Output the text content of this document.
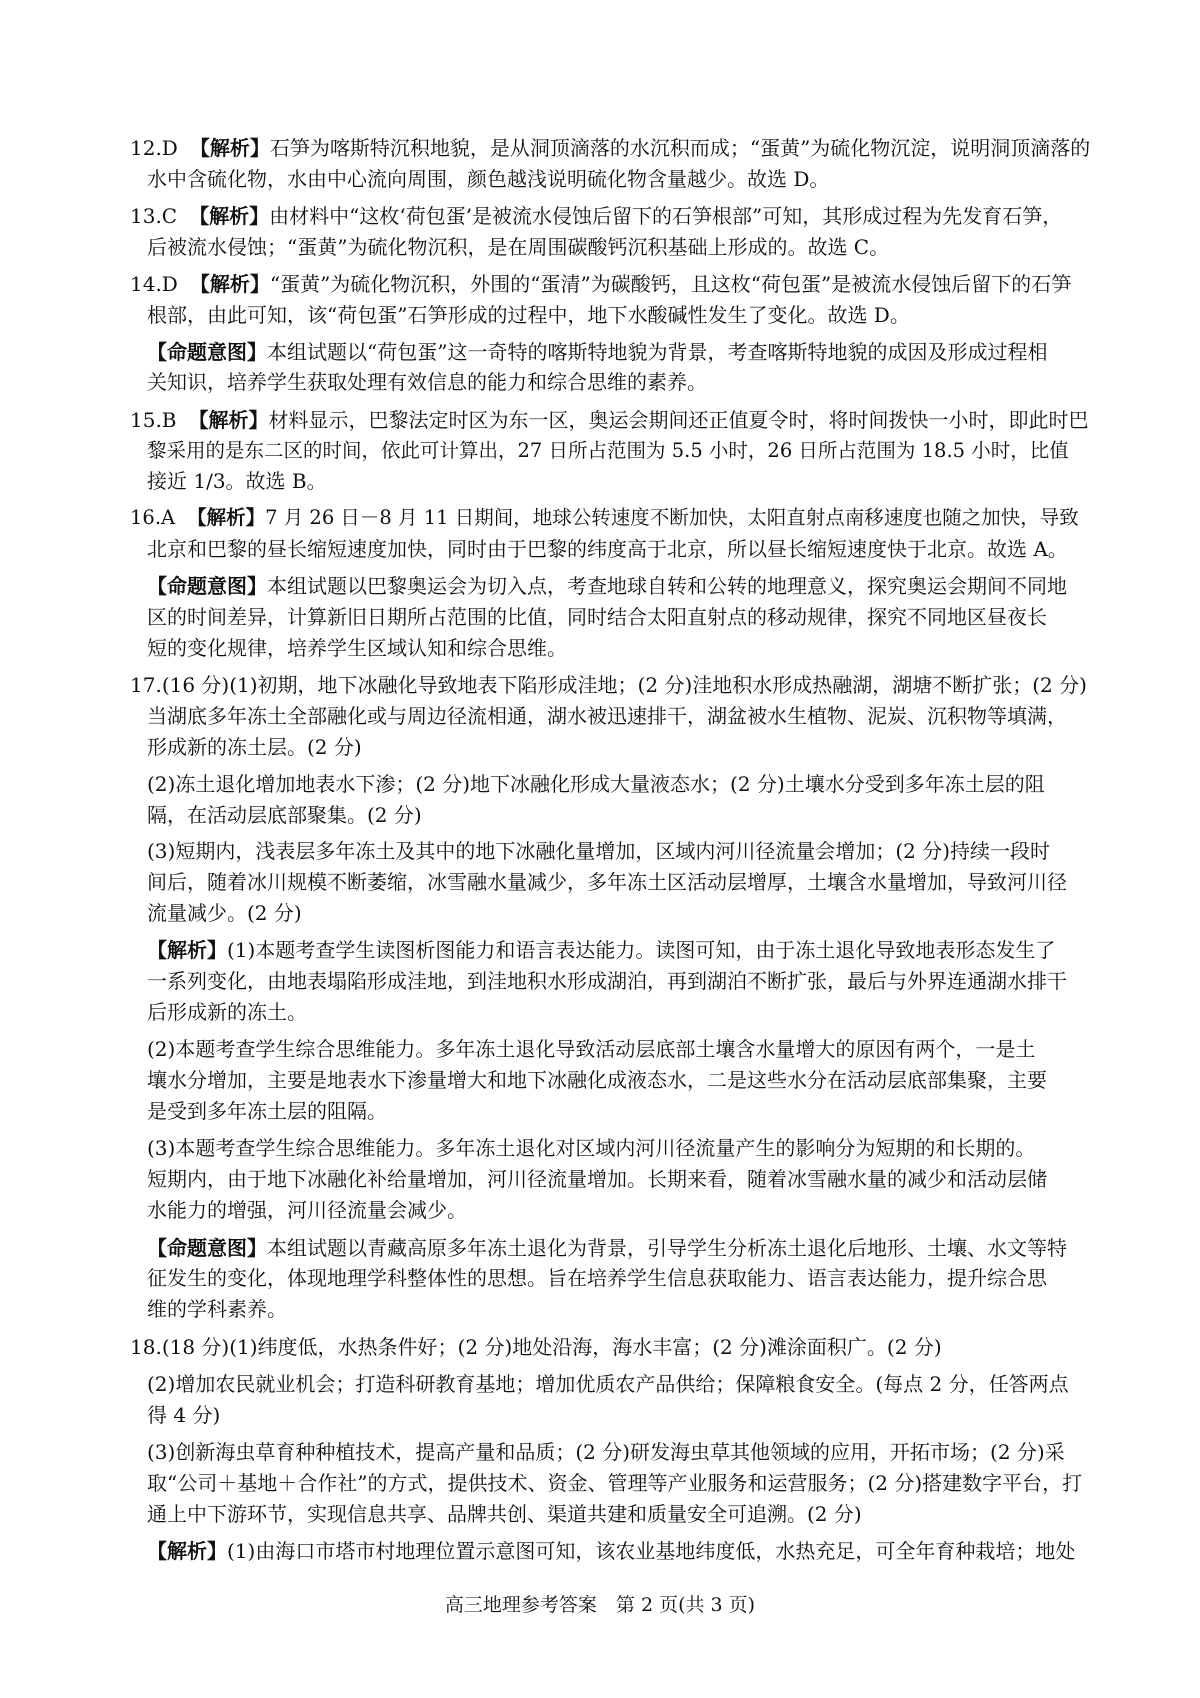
12.D 【解析】石笋为喀斯特沉积地貌，是从洞顶滴落的水沉积而成；“蛋黄”为硫化物沉淀，说明洞顶滴落的
水中含硫化物，水由中心流向周围，颜色越浅说明硫化物含量越少。故选 D。
13.C 【解析】由材料中“这枚‘荷包蛋’是被流水侵蚀后留下的石笋根部”可知，其形成过程为先发育石笋，
后被流水侵蚀；“蛋黄”为硫化物沉积，是在周围碳酸钙沉积基础上形成的。故选 C。
14.D 【解析】“蛋黄”为硫化物沉积，外围的“蛋清”为碳酸钙，且这枚“荷包蛋”是被流水侵蚀后留下的石笋
根部，由此可知，该“荷包蛋”石笋形成的过程中，地下水酸碱性发生了变化。故选 D。
【命题意图】本组试题以“荷包蛋”这一奇特的喀斯特地貌为背景，考查喀斯特地貌的成因及形成过程相
关知识，培养学生获取处理有效信息的能力和综合思维的素养。
15.B 【解析】材料显示，巴黎法定时区为东一区，奥运会期间还正值夏令时，将时间拨快一小时，即此时巴
黎采用的是东二区的时间，依此可计算出，27 日所占范围为 5.5 小时，26 日所占范围为 18.5 小时，比值
接近 1/3。故选 B。
16.A 【解析】7 月 26 日－8 月 11 日期间，地球公转速度不断加快，太阳直射点南移速度也随之加快，导致
北京和巴黎的昼长缩短速度加快，同时由于巴黎的纬度高于北京，所以昼长缩短速度快于北京。故选 A。
【命题意图】本组试题以巴黎奥运会为切入点，考查地球自转和公转的地理意义，探究奥运会期间不同地
区的时间差异，计算新旧日期所占范围的比值，同时结合太阳直射点的移动规律，探究不同地区昼夜长
短的变化规律，培养学生区域认知和综合思维。
17.(16 分)(1)初期，地下冰融化导致地表下陷形成洼地；(2 分)洼地积水形成热融湖，湖塘不断扩张；(2 分)
当湖底多年冻土全部融化或与周边径流相通，湖水被迅速排干，湖盆被水生植物、泥炭、沉积物等填满，
形成新的冻土层。(2 分)
(2)冻土退化增加地表水下渗；(2 分)地下冰融化形成大量液态水；(2 分)土壤水分受到多年冻土层的阻
隔，在活动层底部聚集。(2 分)
(3)短期内，浅表层多年冻土及其中的地下冰融化量增加，区域内河川径流量会增加；(2 分)持续一段时
间后，随着冰川规模不断萎缩，冰雪融水量减少，多年冻土区活动层增厚，土壤含水量增加，导致河川径
流量减少。(2 分)
【解析】(1)本题考查学生读图析图能力和语言表达能力。读图可知，由于冻土退化导致地表形态发生了
一系列变化，由地表塌陷形成洼地，到洼地积水形成湖泊，再到湖泊不断扩张，最后与外界连通湖水排干
后形成新的冻土。
(2)本题考查学生综合思维能力。多年冻土退化导致活动层底部土壤含水量增大的原因有两个，一是土
壤水分增加，主要是地表水下渗量增大和地下冰融化成液态水，二是这些水分在活动层底部集聚，主要
是受到多年冻土层的阻隔。
(3)本题考查学生综合思维能力。多年冻土退化对区域内河川径流量产生的影响分为短期的和长期的。
短期内，由于地下冰融化补给量增加，河川径流量增加。长期来看，随着冰雪融水量的减少和活动层储
水能力的增强，河川径流量会减少。
【命题意图】本组试题以青藏高原多年冻土退化为背景，引导学生分析冻土退化后地形、土壤、水文等特
征发生的变化，体现地理学科整体性的思想。旨在培养学生信息获取能力、语言表达能力，提升综合思
维的学科素养。
18.(18 分)(1)纬度低，水热条件好；(2 分)地处沿海，海水丰富；(2 分)滩涂面积广。(2 分)
(2)增加农民就业机会；打造科研教育基地；增加优质农产品供给；保障粮食安全。(每点 2 分，任答两点
得 4 分)
(3)创新海虫草育种种植技术，提高产量和品质；(2 分)研发海虫草其他领域的应用，开拓市场；(2 分)采
取“公司＋基地＋合作社”的方式，提供技术、资金、管理等产业服务和运营服务；(2 分)搭建数字平台，打
通上中下游环节，实现信息共享、品牌共创、渠道共建和质量安全可追溯。(2 分)
【解析】(1)由海口市塔市村地理位置示意图可知，该农业基地纬度低，水热充足，可全年育种栽培；地处
高三地理参考答案　第 2 页(共 3 页)
